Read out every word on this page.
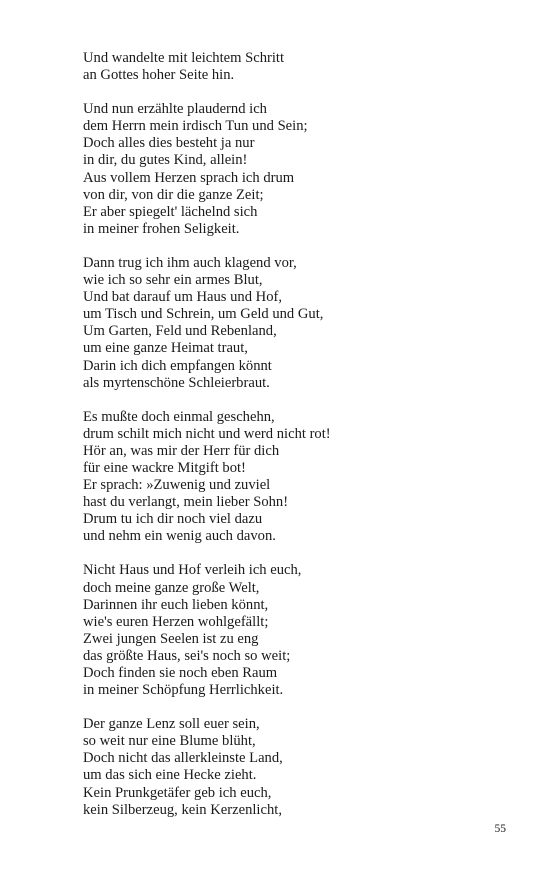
Und wandelte mit leichtem Schritt
an Gottes hoher Seite hin.
Und nun erzählte plaudernd ich
dem Herrn mein irdisch Tun und Sein;
Doch alles dies besteht ja nur
in dir, du gutes Kind, allein!
Aus vollem Herzen sprach ich drum
von dir, von dir die ganze Zeit;
Er aber spiegelt' lächelnd sich
in meiner frohen Seligkeit.
Dann trug ich ihm auch klagend vor,
wie ich so sehr ein armes Blut,
Und bat darauf um Haus und Hof,
um Tisch und Schrein, um Geld und Gut,
Um Garten, Feld und Rebenland,
um eine ganze Heimat traut,
Darin ich dich empfangen könnt
als myrtenschöne Schleierbraut.
Es mußte doch einmal geschehn,
drum schilt mich nicht und werd nicht rot!
Hör an, was mir der Herr für dich
für eine wackre Mitgift bot!
Er sprach: »Zuwenig und zuviel
hast du verlangt, mein lieber Sohn!
Drum tu ich dir noch viel dazu
und nehm ein wenig auch davon.
Nicht Haus und Hof verleih ich euch,
doch meine ganze große Welt,
Darinnen ihr euch lieben könnt,
wie's euren Herzen wohlgefällt;
Zwei jungen Seelen ist zu eng
das größte Haus, sei's noch so weit;
Doch finden sie noch eben Raum
in meiner Schöpfung Herrlichkeit.
Der ganze Lenz soll euer sein,
so weit nur eine Blume blüht,
Doch nicht das allerkleinste Land,
um das sich eine Hecke zieht.
Kein Prunkgetäfer geb ich euch,
kein Silberzeug, kein Kerzenlicht,
55
